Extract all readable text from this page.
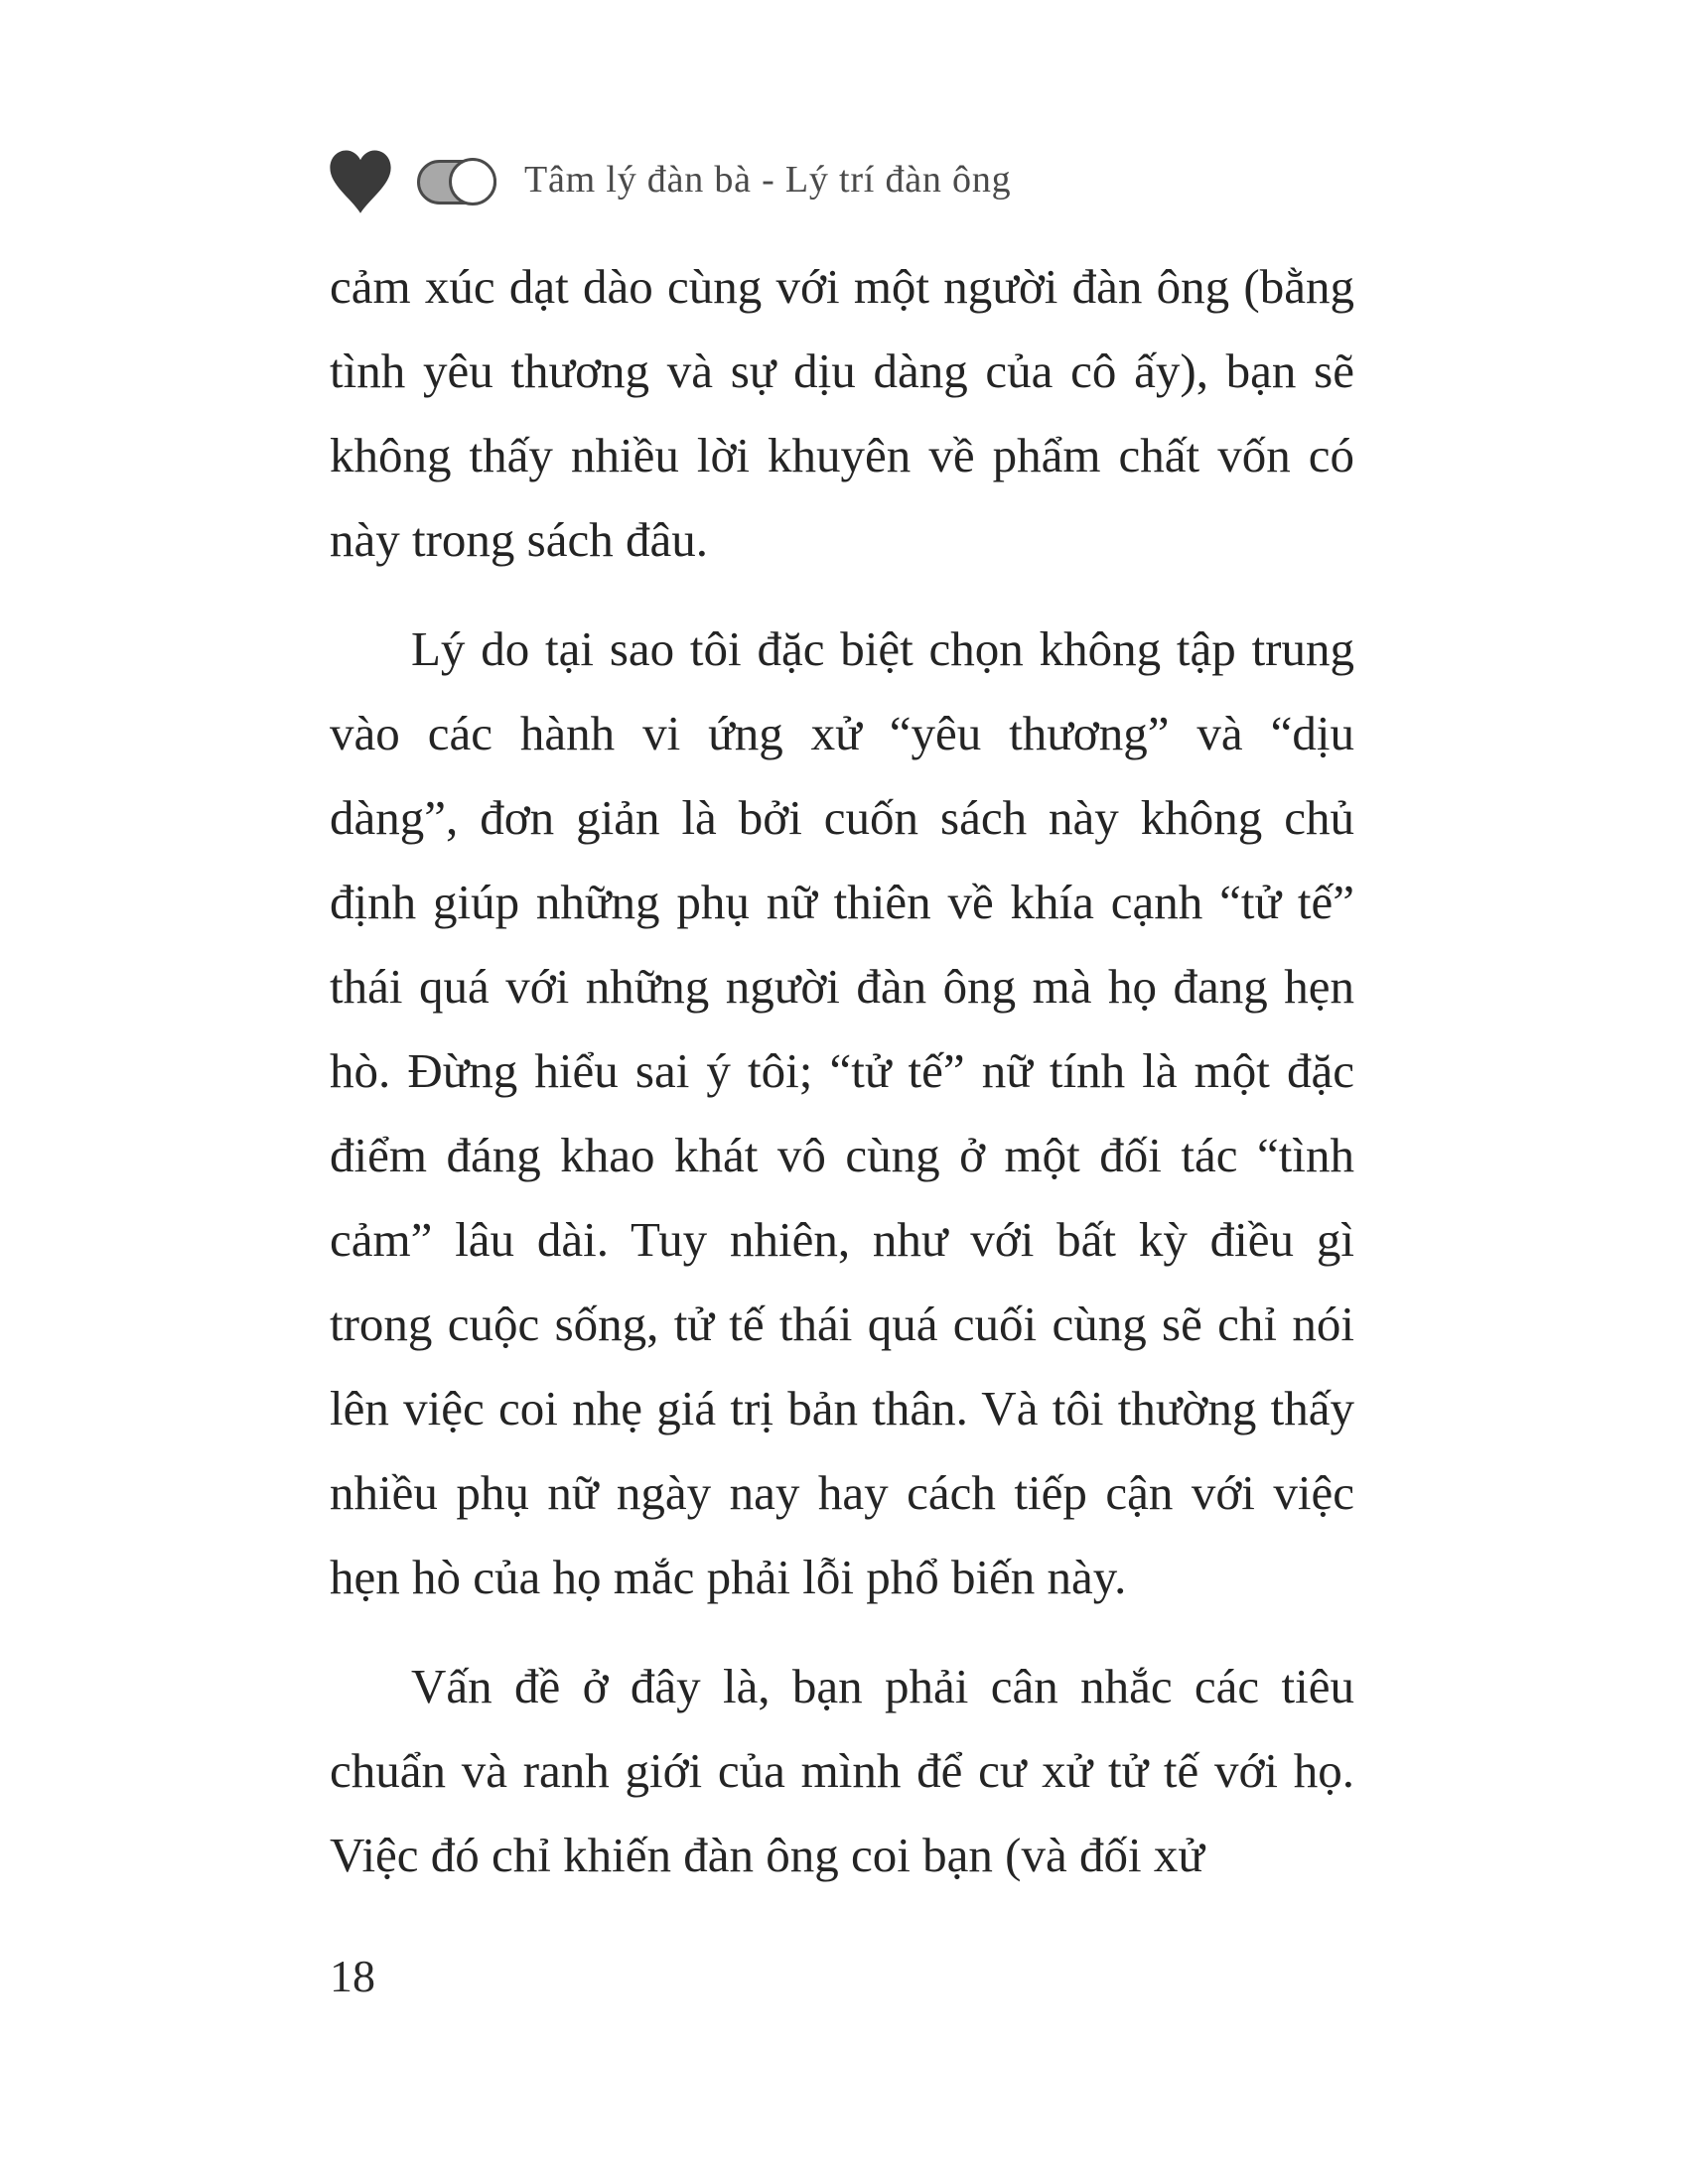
Tâm lý đàn bà - Lý trí đàn ông

cảm xúc dạt dào cùng với một người đàn ông (bằng tình yêu thương và sự dịu dàng của cô ấy), bạn sẽ không thấy nhiều lời khuyên về phẩm chất vốn có này trong sách đâu.

Lý do tại sao tôi đặc biệt chọn không tập trung vào các hành vi ứng xử “yêu thương” và “dịu dàng”, đơn giản là bởi cuốn sách này không chủ định giúp những phụ nữ thiên về khía cạnh “tử tế” thái quá với những người đàn ông mà họ đang hẹn hò. Đừng hiểu sai ý tôi; “tử tế” nữ tính là một đặc điểm đáng khao khát vô cùng ở một đối tác “tình cảm” lâu dài. Tuy nhiên, như với bất kỳ điều gì trong cuộc sống, tử tế thái quá cuối cùng sẽ chỉ nói lên việc coi nhẹ giá trị bản thân. Và tôi thường thấy nhiều phụ nữ ngày nay hay cách tiếp cận với việc hẹn hò của họ mắc phải lỗi phổ biến này.

Vấn đề ở đây là, bạn phải cân nhắc các tiêu chuẩn và ranh giới của mình để cư xử tử tế với họ. Việc đó chỉ khiến đàn ông coi bạn (và đối xử

18
